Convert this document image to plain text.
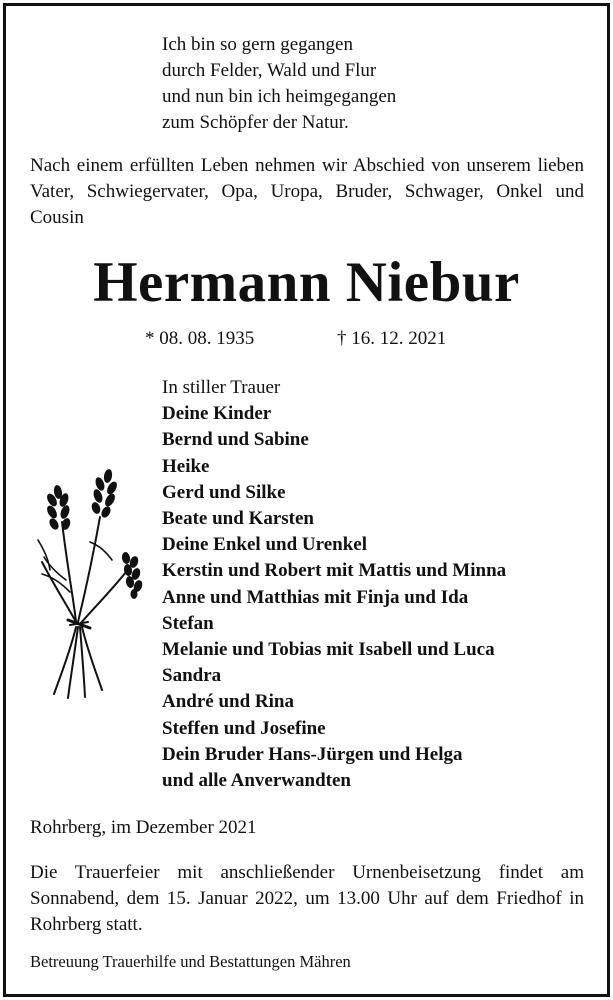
Ich bin so gern gegangen
durch Felder, Wald und Flur
und nun bin ich heimgegangen
zum Schöpfer der Natur.
Nach einem erfüllten Leben nehmen wir Abschied von unserem lieben Vater, Schwiegervater, Opa, Uropa, Bruder, Schwager, Onkel und Cousin
Hermann Niebur
* 08. 08. 1935	† 16. 12. 2021
In stiller Trauer
Deine Kinder
Bernd und Sabine
Heike
Gerd und Silke
Beate und Karsten
Deine Enkel und Urenkel
Kerstin und Robert mit Mattis und Minna
Anne und Matthias mit Finja und Ida
Stefan
Melanie und Tobias mit Isabell und Luca
Sandra
André und Rina
Steffen und Josefine
Dein Bruder Hans-Jürgen und Helga
und alle Anverwandten
Rohrberg, im Dezember 2021
Die Trauerfeier mit anschließender Urnenbeisetzung findet am Sonnabend, dem 15. Januar 2022, um 13.00 Uhr auf dem Friedhof in Rohrberg statt.
Betreuung Trauerhilfe und Bestattungen Mähren
